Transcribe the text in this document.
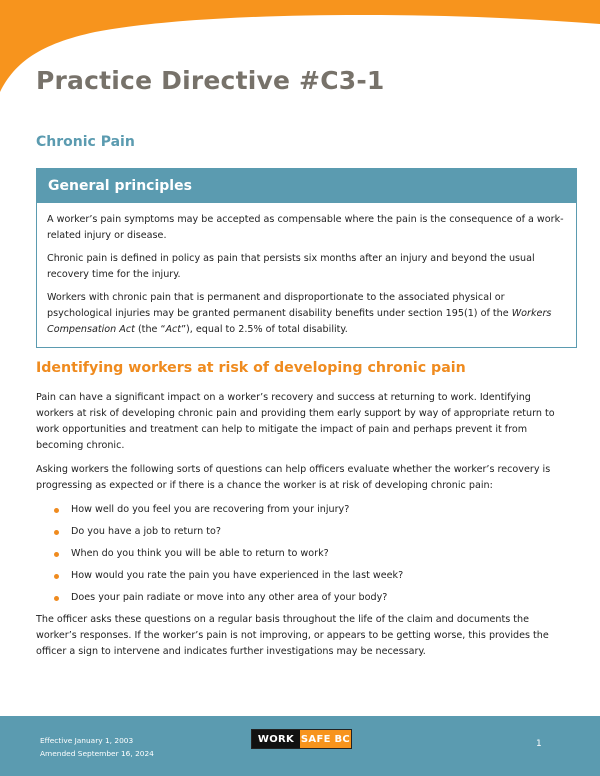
Practice Directive #C3-1
Chronic Pain
General principles

A worker’s pain symptoms may be accepted as compensable where the pain is the consequence of a work-related injury or disease.

Chronic pain is defined in policy as pain that persists six months after an injury and beyond the usual recovery time for the injury.

Workers with chronic pain that is permanent and disproportionate to the associated physical or psychological injuries may be granted permanent disability benefits under section 195(1) of the Workers Compensation Act (the “Act”), equal to 2.5% of total disability.

Identifying workers at risk of developing chronic pain

Pain can have a significant impact on a worker’s recovery and success at returning to work. Identifying workers at risk of developing chronic pain and providing them early support by way of appropriate return to work opportunities and treatment can help to mitigate the impact of pain and perhaps prevent it from becoming chronic.

Asking workers the following sorts of questions can help officers evaluate whether the worker’s recovery is progressing as expected or if there is a chance the worker is at risk of developing chronic pain:

How well do you feel you are recovering from your injury?
Do you have a job to return to?
When do you think you will be able to return to work?
How would you rate the pain you have experienced in the last week?
Does your pain radiate or move into any other area of your body?

The officer asks these questions on a regular basis throughout the life of the claim and documents the worker’s responses. If the worker’s pain is not improving, or appears to be getting worse, this provides the officer a sign to intervene and indicates further investigations may be necessary.

Effective January 1, 2003
Amended September 16, 2024
WORK SAFE BC	1
